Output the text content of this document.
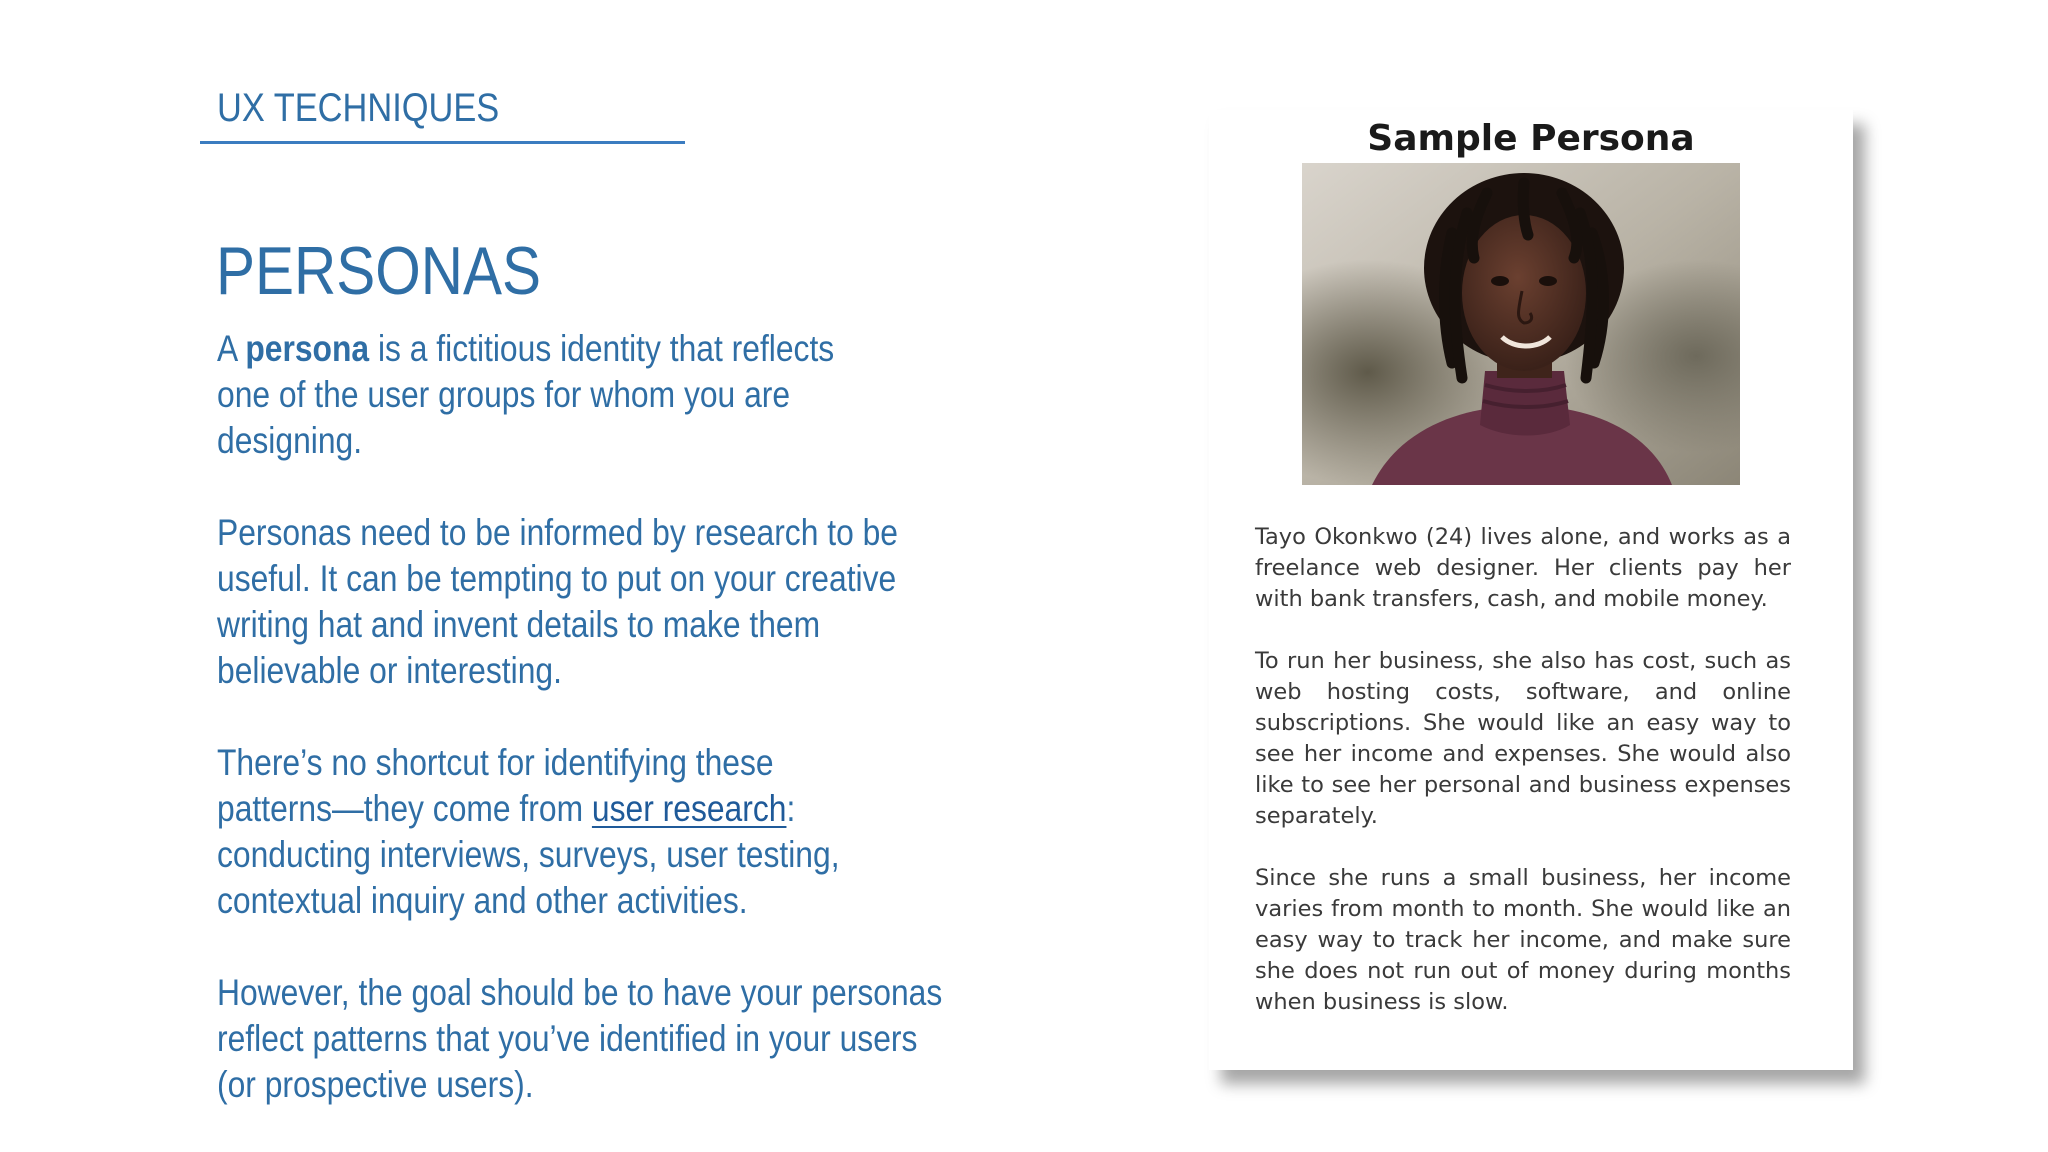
UX TECHNIQUES
PERSONAS

A persona is a fictitious identity that reflects
one of the user groups for whom you are
designing.

Personas need to be informed by research to be
useful. It can be tempting to put on your creative
writing hat and invent details to make them
believable or interesting.

There’s no shortcut for identifying these
patterns—they come from user research:
conducting interviews, surveys, user testing,
contextual inquiry and other activities.

However, the goal should be to have your personas
reflect patterns that you’ve identified in your users
(or prospective users).

Sample Persona

Tayo Okonkwo (24) lives alone, and works as a freelance web designer. Her clients pay her with bank transfers, cash, and mobile money.

To run her business, she also has cost, such as web hosting costs, software, and online subscriptions. She would like an easy way to see her income and expenses. She would also like to see her personal and business expenses separately.

Since she runs a small business, her income varies from month to month. She would like an easy way to track her income, and make sure she does not run out of money during months when business is slow.
